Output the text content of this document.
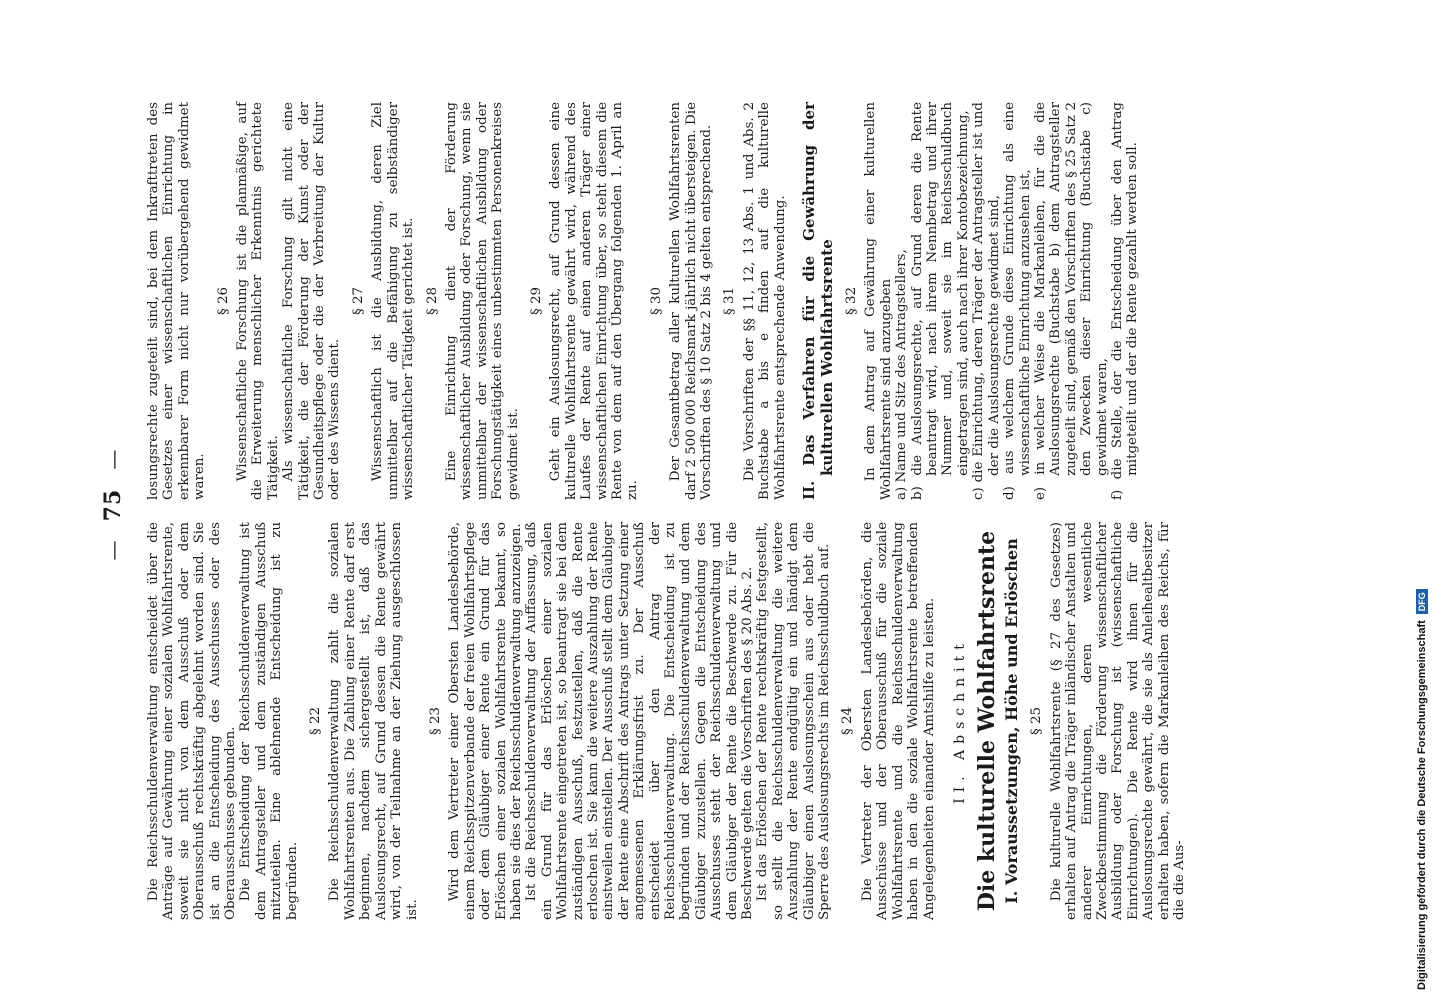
— 75 —

Die Reichsschuldenverwaltung entscheidet über die Anträge auf Gewährung einer sozialen Wohlfahrtsrente, soweit sie nicht von dem Ausschuß oder dem Oberausschuß rechtskräftig abgelehnt worden sind. Sie ist an die Entscheidung des Ausschusses oder des Oberausschusses gebunden. Die Entscheidung der Reichsschuldenverwaltung ist dem Antragsteller und dem zuständigen Ausschuß mitzuteilen. Eine ablehnende Entscheidung ist zu begründen.

§ 22 Die Reichsschuldenverwaltung zahlt die sozialen Wohlfahrtsrenten aus. Die Zahlung einer Rente darf erst beginnen, nachdem sichergestellt ist, daß das Auslosungsrecht, auf Grund dessen die Rente gewährt wird, von der Teilnahme an der Ziehung ausgeschlossen ist.

§ 23 Wird dem Vertreter einer Obersten Landesbehörde, einem Reichsspitzenverbande der freien Wohlfahrtspflege oder dem Gläubiger einer Rente ein Grund für das Erlöschen einer sozialen Wohlfahrtsrente bekannt, so haben sie dies der Reichsschuldenverwaltung anzuzeigen. Ist die Reichsschuldenverwaltung der Auffassung, daß ein Grund für das Erlöschen einer sozialen Wohlfahrtsrente eingetreten ist, so beantragt sie bei dem zuständigen Ausschuß, festzustellen, daß die Rente erloschen ist. Sie kann die weitere Auszahlung der Rente einstweilen einstellen. Der Ausschuß stellt dem Gläubiger der Rente eine Abschrift des Antrags unter Setzung einer angemessenen Erklärungsfrist zu. Der Ausschuß entscheidet über den Antrag der Reichsschuldenverwaltung. Die Entscheidung ist zu begründen und der Reichsschuldenverwaltung und dem Gläubiger zuzustellen. Gegen die Entscheidung des Ausschusses steht der Reichsschuldenverwaltung und dem Gläubiger der Rente die Beschwerde zu. Für die Beschwerde gelten die Vorschriften des § 20 Abs. 2. Ist das Erlöschen der Rente rechtskräftig festgestellt, so stellt die Reichsschuldenverwaltung die weitere Auszahlung der Rente endgültig ein und händigt dem Gläubiger einen Auslosungsschein aus oder hebt die Sperre des Auslosungsrechts im Reichsschuldbuch auf. § 24 Die Vertreter der Obersten Landesbehörden, die Ausschüsse und der Oberausschuß für die soziale Wohlfahrtsrente und die Reichsschuldenverwaltung haben in den die soziale Wohlfahrtsrente betreffenden Angelegenheiten einander Amtshilfe zu leisten. II. Abschnitt Die kulturelle Wohlfahrtsrente I. Voraussetzungen, Höhe und Erlöschen § 25 Die kulturelle Wohlfahrtsrente (§ 27 des Gesetzes) erhalten auf Antrag die Träger inländischer Anstalten und anderer Einrichtungen, deren wesentliche Zweckbestimmung die Förderung wissenschaftlicher Ausbildung oder Forschung ist (wissenschaftliche Einrichtungen). Die Rente wird ihnen für die Auslosungsrechte gewährt, die sie als Anleihealtbesitzer erhalten haben, sofern die Markanleihen des Reichs, für die die Aus-

losungsrechte zugeteilt sind, bei dem Inkrafttreten des Gesetzes einer wissenschaftlichen Einrichtung in erkennbarer Form nicht nur vorübergehend gewidmet waren.

§ 26 Wissenschaftliche Forschung ist die planmäßige, auf die Erweiterung menschlicher Erkenntnis gerichtete Tätigkeit. Als wissenschaftliche Forschung gilt nicht eine Tätigkeit, die der Förderung der Kunst oder der Gesundheitspflege oder die der Verbreitung der Kultur oder des Wissens dient.

§ 27 Wissenschaftlich ist die Ausbildung, deren Ziel unmittelbar auf die Befähigung zu selbständiger wissenschaftlicher Tätigkeit gerichtet ist. § 28 Eine Einrichtung dient der Förderung wissenschaftlicher Ausbildung oder Forschung, wenn sie unmittelbar der wissenschaftlichen Ausbildung oder Forschungstätigkeit eines unbestimmten Personenkreises gewidmet ist.

§ 29 Geht ein Auslosungsrecht, auf Grund dessen eine kulturelle Wohlfahrtsrente gewährt wird, während des Laufes der Rente auf einen anderen Träger einer wissenschaftlichen Einrichtung über, so steht diesem die Rente von dem auf den Übergang folgenden 1. April an zu.

§ 30 Der Gesamtbetrag aller kulturellen Wohlfahrtsrenten darf 2 500 000 Reichsmark jährlich nicht übersteigen. Die Vorschriften des § 10 Satz 2 bis 4 gelten entsprechend. § 31 Die Vorschriften der §§ 11, 12, 13 Abs. 1 und Abs. 2 Buchstabe a bis e finden auf die kulturelle Wohlfahrtsrente entsprechende Anwendung. II. Das Verfahren für die Gewährung der kulturellen Wohlfahrtsrente § 32 In dem Antrag auf Gewährung einer kulturellen Wohlfahrtsrente sind anzugeben a) Name und Sitz des Antragstellers, b) die Auslosungsrechte, auf Grund deren die Rente beantragt wird, nach ihrem Nennbetrag und ihrer Nummer und, soweit sie im Reichsschuldbuch eingetragen sind, auch nach ihrer Kontobezeichnung, c) die Einrichtung, deren Träger der Antragsteller ist und der die Auslosungsrechte gewidmet sind, d) aus welchem Grunde diese Einrichtung als eine wissenschaftliche Einrichtung anzusehen ist, e) in welcher Weise die Markanleihen, für die die Auslosungsrechte (Buchstabe b) dem Antragsteller zugeteilt sind, gemäß den Vorschriften des § 25 Satz 2 den Zwecken dieser Einrichtung (Buchstabe c) gewidmet waren, f) die Stelle, der die Entscheidung über den Antrag mitgeteilt und der die Rente gezahlt werden soll.
Digitalisierung gefördert durch die Deutsche Forschungsgemeinschaft
DFG
